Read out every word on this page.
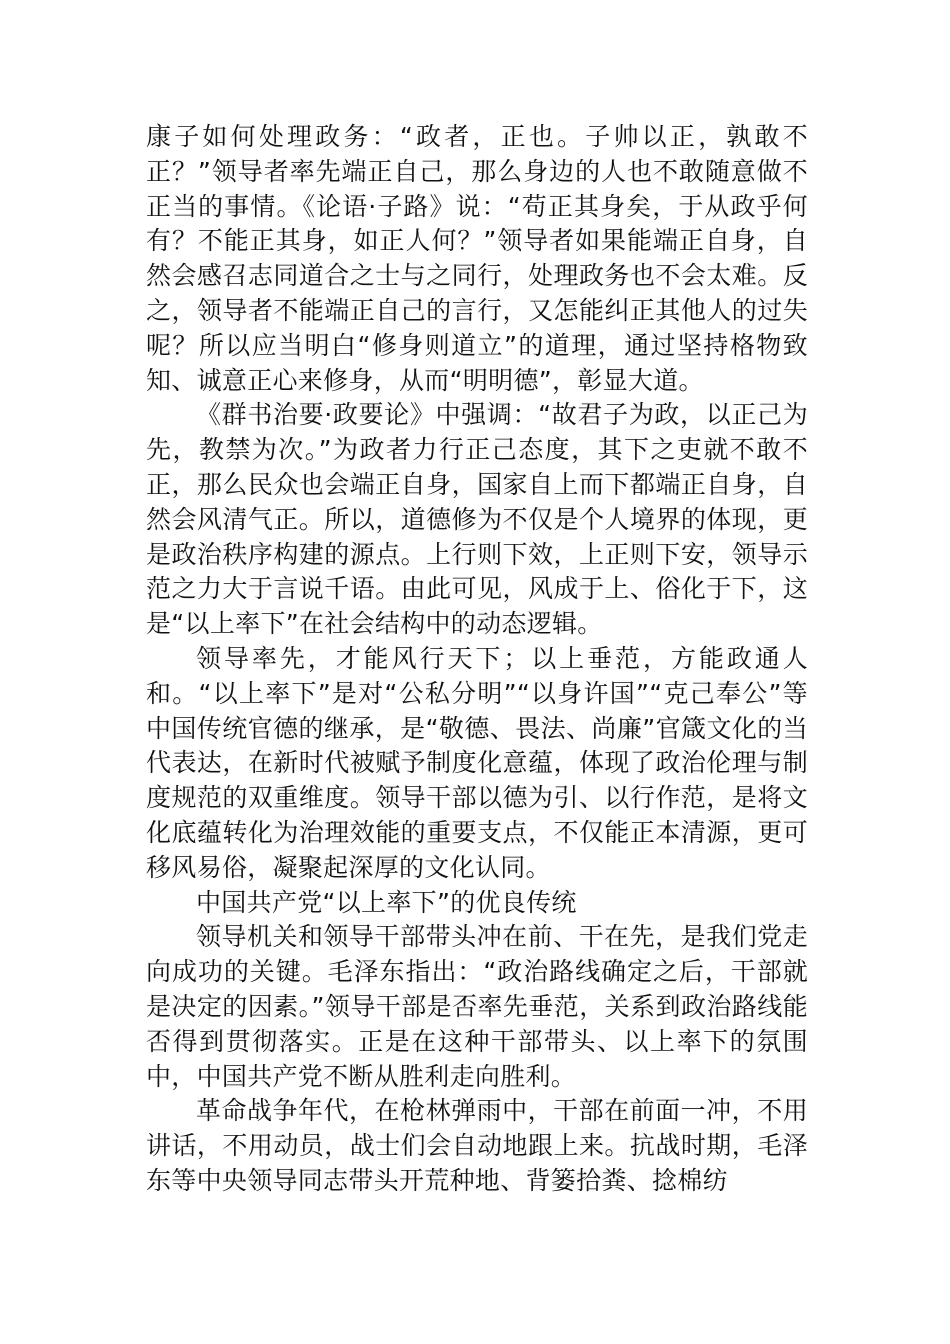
康子如何处理政务：“政者，正也。子帅以正，孰敢不正？”领导者率先端正自己，那么身边的人也不敢随意做不正当的事情。《论语·子路》说：“苟正其身矣，于从政乎何有？不能正其身，如正人何？”领导者如果能端正自身，自然会感召志同道合之士与之同行，处理政务也不会太难。反之，领导者不能端正自己的言行，又怎能纠正其他人的过失呢？所以应当明白“修身则道立”的道理，通过坚持格物致知、诚意正心来修身，从而“明明德”，彰显大道。

《群书治要·政要论》中强调：“故君子为政，以正己为先，教禁为次。”为政者力行正己态度，其下之吏就不敢不正，那么民众也会端正自身，国家自上而下都端正自身，自然会风清气正。所以，道德修为不仅是个人境界的体现，更是政治秩序构建的源点。上行则下效，上正则下安，领导示范之力大于言说千语。由此可见，风成于上、俗化于下，这是“以上率下”在社会结构中的动态逻辑。

领导率先，才能风行天下；以上垂范，方能政通人和。“以上率下”是对“公私分明”“以身许国”“克己奉公”等中国传统官德的继承，是“敬德、畏法、尚廉”官箴文化的当代表达，在新时代被赋予制度化意蕴，体现了政治伦理与制度规范的双重维度。领导干部以德为引、以行作范，是将文化底蕴转化为治理效能的重要支点，不仅能正本清源，更可移风易俗，凝聚起深厚的文化认同。

中国共产党“以上率下”的优良传统

领导机关和领导干部带头冲在前、干在先，是我们党走向成功的关键。毛泽东指出：“政治路线确定之后，干部就是决定的因素。”领导干部是否率先垂范，关系到政治路线能否得到贯彻落实。正是在这种干部带头、以上率下的氛围中，中国共产党不断从胜利走向胜利。

革命战争年代，在枪林弹雨中，干部在前面一冲，不用讲话，不用动员，战士们会自动地跟上来。抗战时期，毛泽东等中央领导同志带头开荒种地、背篓拾粪、捻棉纺
